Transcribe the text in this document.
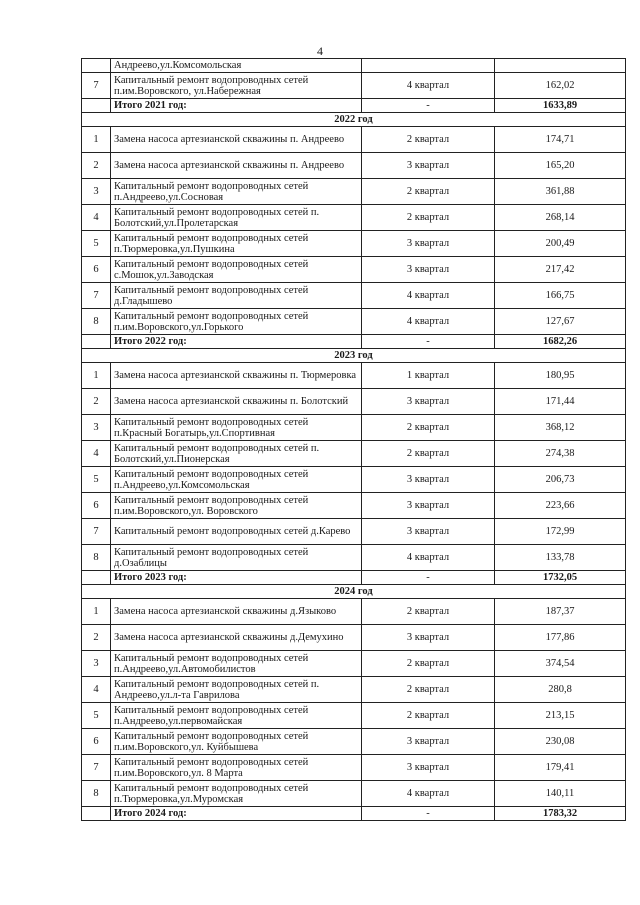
4
	Андреево,ул.Комсомольская		
7	Капитальный ремонт водопроводных сетей п.им.Воровского, ул.Набережная	4 квартал	162,02
	Итого 2021 год:	-	1633,89
2022 год			
1	Замена насоса артезианской скважины п. Андреево	2 квартал	174,71
2	Замена насоса артезианской скважины п. Андреево	3 квартал	165,20
3	Капитальный ремонт водопроводных сетей п.Андреево,ул.Сосновая	2 квартал	361,88
4	Капитальный ремонт водопроводных сетей п. Болотский,ул.Пролетарская	2 квартал	268,14
5	Капитальный ремонт водопроводных сетей п.Тюрмеровка,ул.Пушкина	3 квартал	200,49
6	Капитальный ремонт водопроводных сетей с.Мошок,ул.Заводская	3 квартал	217,42
7	Капитальный ремонт водопроводных сетей д.Гладышево	4 квартал	166,75
8	Капитальный ремонт водопроводных сетей п.им.Воровского,ул.Горького	4 квартал	127,67
	Итого 2022 год:	-	1682,26
2023 год			
1	Замена насоса артезианской скважины п. Тюрмеровка	1 квартал	180,95
2	Замена насоса артезианской скважины п. Болотский	3 квартал	171,44
3	Капитальный ремонт водопроводных сетей п.Красный Богатырь,ул.Спортивная	2 квартал	368,12
4	Капитальный ремонт водопроводных сетей п. Болотский,ул.Пионерская	2 квартал	274,38
5	Капитальный ремонт водопроводных сетей п.Андреево,ул.Комсомольская	3 квартал	206,73
6	Капитальный ремонт водопроводных сетей п.им.Воровского,ул. Воровского	3 квартал	223,66
7	Капитальный ремонт водопроводных сетей д.Карево	3 квартал	172,99
8	Капитальный ремонт водопроводных сетей д.Озаблицы	4 квартал	133,78
	Итого 2023 год:	-	1732,05
2024 год			
1	Замена насоса артезианской скважины д.Языково	2 квартал	187,37
2	Замена насоса артезианской скважины д.Демухино	3 квартал	177,86
3	Капитальный ремонт водопроводных сетей п.Андреево,ул.Автомобилистов	2 квартал	374,54
4	Капитальный ремонт водопроводных сетей п. Андреево,ул.л-та Гаврилова	2 квартал	280,8
5	Капитальный ремонт водопроводных сетей п.Андреево,ул.первомайская	2 квартал	213,15
6	Капитальный ремонт водопроводных сетей п.им.Воровского,ул. Куйбышева	3 квартал	230,08
7	Капитальный ремонт водопроводных сетей п.им.Воровского,ул. 8 Марта	3 квартал	179,41
8	Капитальный ремонт водопроводных сетей п.Тюрмеровка,ул.Муромская	4 квартал	140,11
	Итого 2024 год:	-	1783,32
